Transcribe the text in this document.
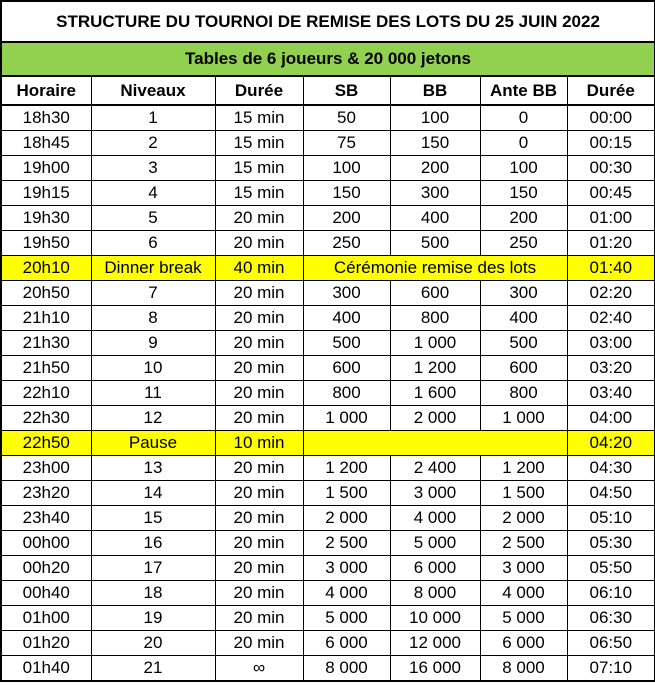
STRUCTURE DU TOURNOI DE REMISE DES LOTS DU 25 JUIN 2022						
Tables de 6 joueurs & 20 000 jetons						
Horaire	Niveaux	Durée	SB	BB	Ante BB	Durée
18h30	1	15 min	50	100	0	00:00
18h45	2	15 min	75	150	0	00:15
19h00	3	15 min	100	200	100	00:30
19h15	4	15 min	150	300	150	00:45
19h30	5	20 min	200	400	200	01:00
19h50	6	20 min	250	500	250	01:20
20h10	Dinner break	40 min	Cérémonie remise des lots			01:40
20h50	7	20 min	300	600	300	02:20
21h10	8	20 min	400	800	400	02:40
21h30	9	20 min	500	1 000	500	03:00
21h50	10	20 min	600	1 200	600	03:20
22h10	11	20 min	800	1 600	800	03:40
22h30	12	20 min	1 000	2 000	1 000	04:00
22h50	Pause	10 min				04:20
23h00	13	20 min	1 200	2 400	1 200	04:30
23h20	14	20 min	1 500	3 000	1 500	04:50
23h40	15	20 min	2 000	4 000	2 000	05:10
00h00	16	20 min	2 500	5 000	2 500	05:30
00h20	17	20 min	3 000	6 000	3 000	05:50
00h40	18	20 min	4 000	8 000	4 000	06:10
01h00	19	20 min	5 000	10 000	5 000	06:30
01h20	20	20 min	6 000	12 000	6 000	06:50
01h40	21	∞	8 000	16 000	8 000	07:10
